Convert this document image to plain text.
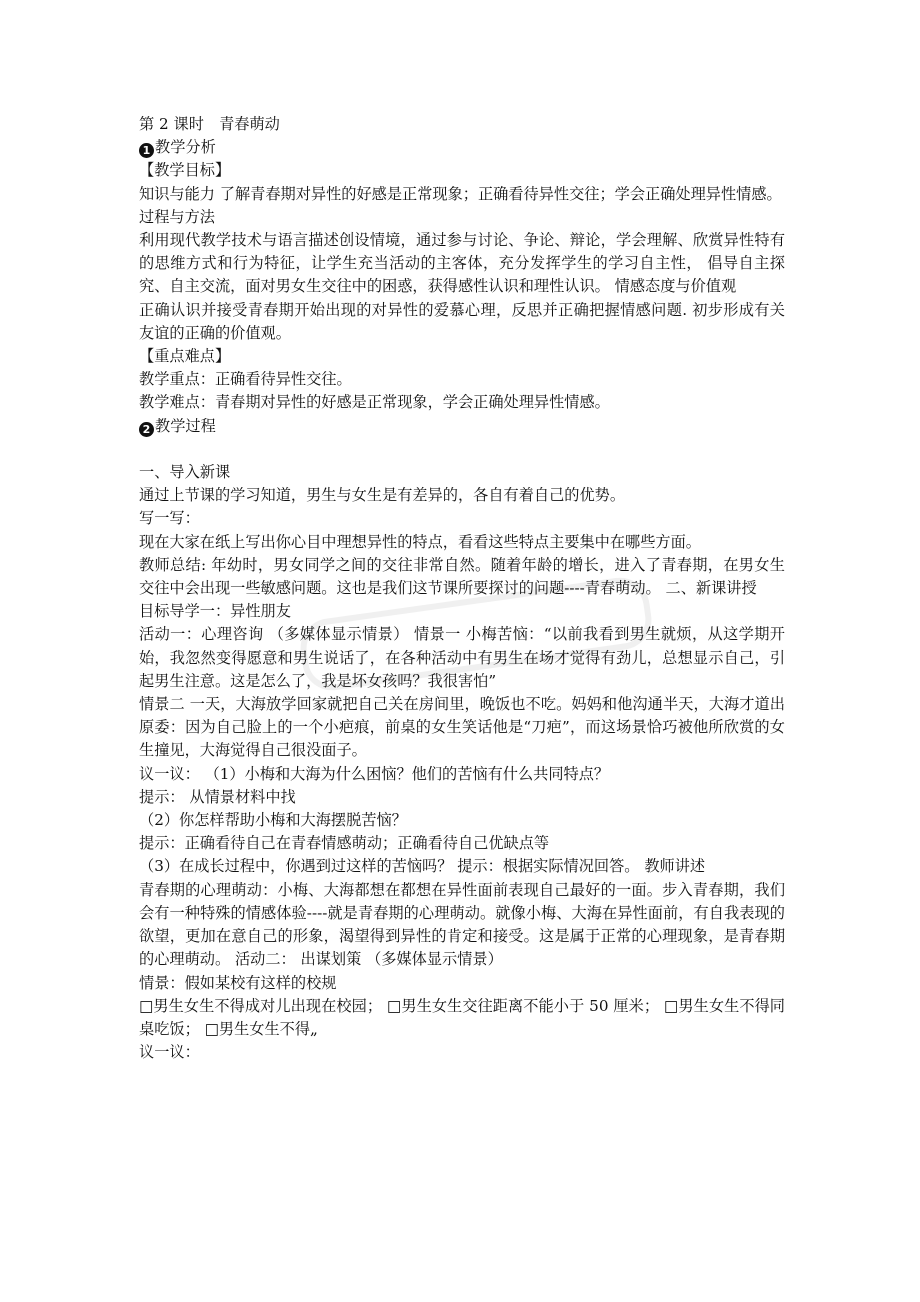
第 2 课时　青春萌动
1 教学分析
【教学目标】
知识与能力 了解青春期对异性的好感是正常现象；正确看待异性交往；学会正确处理异性情感。
过程与方法
利用现代教学技术与语言描述创设情境，通过参与讨论、争论、辩论，学会理解、欣赏异性特有的思维方式和行为特征，让学生充当活动的主客体，充分发挥学生的学习自主性， 倡导自主探究、自主交流，面对男女生交往中的困惑，获得感性认识和理性认识。 情感态度与价值观
正确认识并接受青春期开始出现的对异性的爱慕心理，反思并正确把握情感问题. 初步形成有关友谊的正确的价值观。
【重点难点】
教学重点：正确看待异性交往。
教学难点：青春期对异性的好感是正常现象，学会正确处理异性情感。
2 教学过程
一、导入新课
通过上节课的学习知道，男生与女生是有差异的，各自有着自己的优势。
写一写：
现在大家在纸上写出你心目中理想异性的特点，看看这些特点主要集中在哪些方面。
教师总结: 年幼时，男女同学之间的交往非常自然。随着年龄的增长，进入了青春期，在男女生交往中会出现一些敏感问题。这也是我们这节课所要探讨的问题----青春萌动。 二、新课讲授
目标导学一：异性朋友
活动一：心理咨询 （多媒体显示情景） 情景一 小梅苦恼：“以前我看到男生就烦，从这学期开始，我忽然变得愿意和男生说话了，在各种活动中有男生在场才觉得有劲儿，总想显示自己，引起男生注意。这是怎么了，我是坏女孩吗？我很害怕”
情景二 一天，大海放学回家就把自己关在房间里，晚饭也不吃。妈妈和他沟通半天，大海才道出原委：因为自己脸上的一个小疤痕，前桌的女生笑话他是“刀疤”，而这场景恰巧被他所欣赏的女生撞见，大海觉得自己很没面子。
议一议： （1）小梅和大海为什么困恼？他们的苦恼有什么共同特点？
提示： 从情景材料中找
（2）你怎样帮助小梅和大海摆脱苦恼？
提示：正确看待自己在青春情感萌动；正确看待自己优缺点等
（3）在成长过程中，你遇到过这样的苦恼吗？ 提示：根据实际情况回答。 教师讲述
青春期的心理萌动：小梅、大海都想在都想在异性面前表现自己最好的一面。步入青春期，我们会有一种特殊的情感体验----就是青春期的心理萌动。就像小梅、大海在异性面前，有自我表现的欲望，更加在意自己的形象，渴望得到异性的肯定和接受。这是属于正常的心理现象，是青春期的心理萌动。 活动二： 出谋划策 （多媒体显示情景）
情景：假如某校有这样的校规
□男生女生不得成对儿出现在校园； □男生女生交往距离不能小于 50 厘米； □男生女生不得同桌吃饭； □男生女生不得„
议一议：
